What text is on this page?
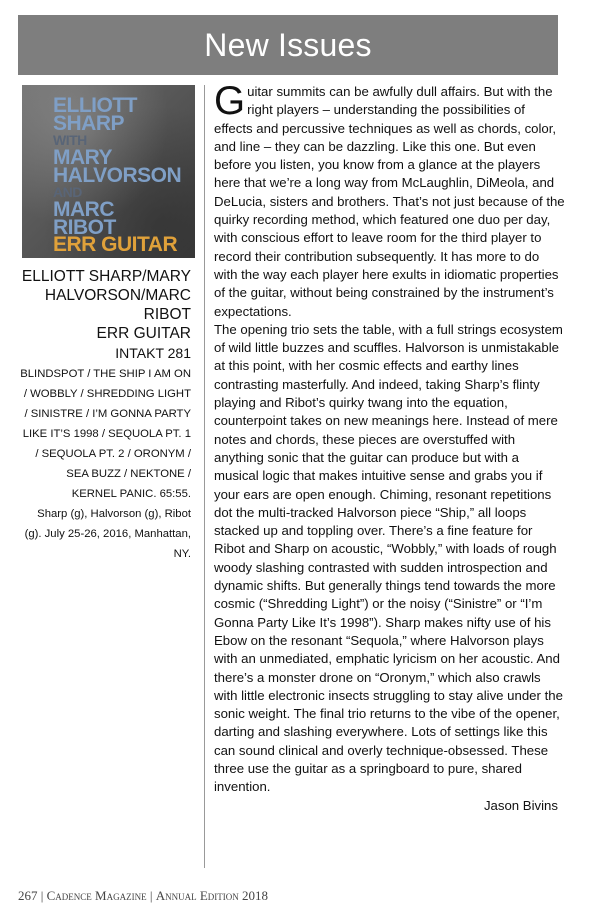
New Issues
ELLIOTT
SHARP
WITH
MARY
HALVORSON
AND
MARC
RIBOT
ERR GUITAR
ELLIOTT SHARP/MARY HALVORSON/MARC RIBOT
ERR GUITAR
INTAKT 281
BLINDSPOT / THE SHIP I AM ON / WOBBLY / SHREDDING LIGHT / SINISTRE / I’M GONNA PARTY LIKE IT’S 1998 / SEQUOLA PT. 1 / SEQUOLA PT. 2 / ORONYM / SEA BUZZ / NEKTONE / KERNEL PANIC. 65:55.
Sharp (g), Halvorson (g), Ribot (g). July 25-26, 2016, Manhattan, NY.

Guitar summits can be awfully dull affairs. But with the right players – understanding the possibilities of effects and percussive techniques as well as chords, color, and line – they can be dazzling. Like this one. But even before you listen, you know from a glance at the players here that we’re a long way from McLaughlin, DiMeola, and DeLucia, sisters and brothers. That’s not just because of the quirky recording method, which featured one duo per day, with conscious effort to leave room for the third player to record their contribution subsequently. It has more to do with the way each player here exults in idiomatic properties of the guitar, without being constrained by the instrument’s expectations.

The opening trio sets the table, with a full strings ecosystem of wild little buzzes and scuffles. Halvorson is unmistakable at this point, with her cosmic effects and earthy lines contrasting masterfully. And indeed, taking Sharp’s flinty playing and Ribot’s quirky twang into the equation, counterpoint takes on new meanings here. Instead of mere notes and chords, these pieces are overstuffed with anything sonic that the guitar can produce but with a musical logic that makes intuitive sense and grabs you if your ears are open enough. Chiming, resonant repetitions dot the multi-tracked Halvorson piece “Ship,” all loops stacked up and toppling over. There’s a fine feature for Ribot and Sharp on acoustic, “Wobbly,” with loads of rough woody slashing contrasted with sudden introspection and dynamic shifts. But generally things tend towards the more cosmic (“Shredding Light”) or the noisy (“Sinistre” or “I’m Gonna Party Like It’s 1998”). Sharp makes nifty use of his Ebow on the resonant “Sequola,” where Halvorson plays with an unmediated, emphatic lyricism on her acoustic. And there’s a monster drone on “Oronym,” which also crawls with little electronic insects struggling to stay alive under the sonic weight. The final trio returns to the vibe of the opener, darting and slashing everywhere. Lots of settings like this can sound clinical and overly technique-obsessed. These three use the guitar as a springboard to pure, shared invention.

Jason Bivins

267 | Cadence Magazine | Annual Edition 2018
